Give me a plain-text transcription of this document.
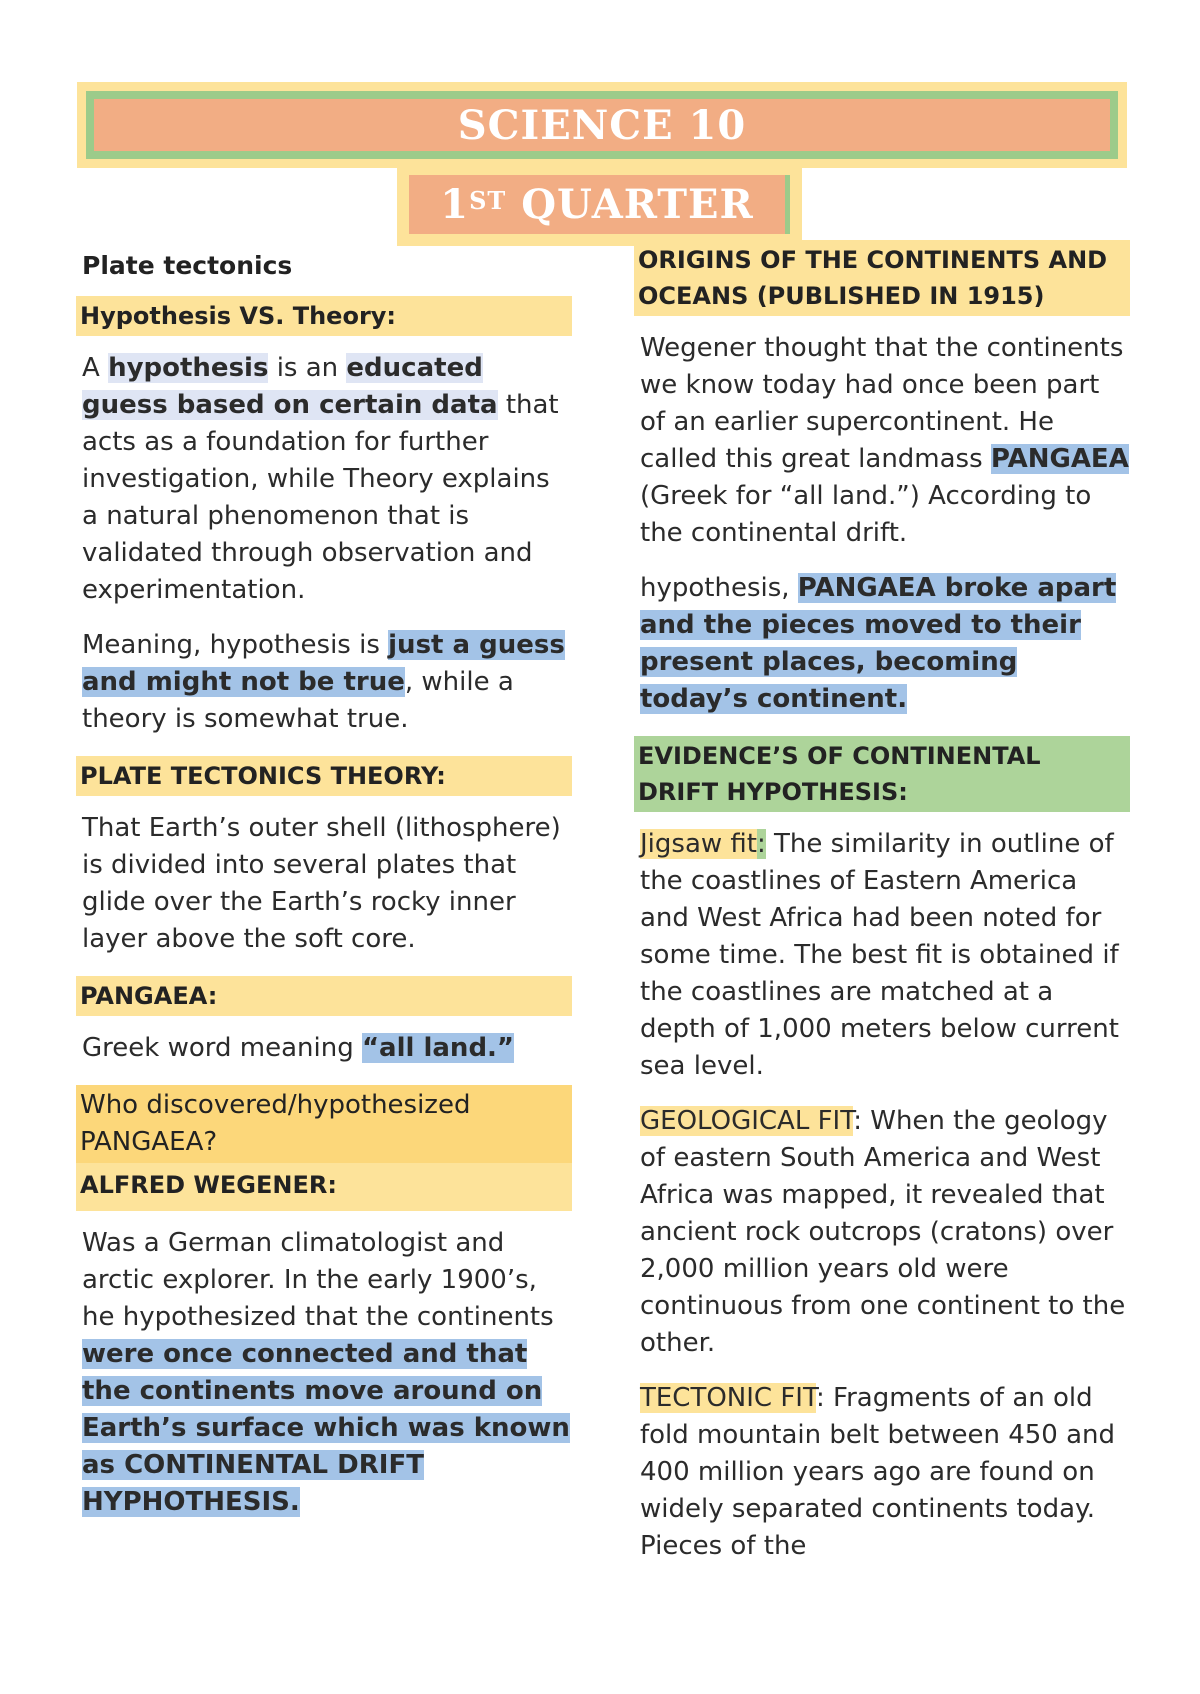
SCIENCE 10
1ST QUARTER
Plate tectonics
Hypothesis VS. Theory:

A hypothesis is an educated guess based on certain data that acts as a foundation for further investigation, while Theory explains a natural phenomenon that is validated through observation and experimentation.

Meaning, hypothesis is just a guess and might not be true, while a theory is somewhat true.

PLATE TECTONICS THEORY:

That Earth’s outer shell (lithosphere) is divided into several plates that glide over the Earth’s rocky inner layer above the soft core.

PANGAEA:

Greek word meaning “all land.”

Who discovered/hypothesized PANGAEA?
ALFRED WEGENER:

Was a German climatologist and arctic explorer. In the early 1900’s, he hypothesized that the continents were once connected and that the continents move around on Earth’s surface which was known as CONTINENTAL DRIFT HYPHOTHESIS.

ORIGINS OF THE CONTINENTS AND OCEANS (PUBLISHED IN 1915)

Wegener thought that the continents we know today had once been part of an earlier supercontinent. He called this great landmass PANGAEA (Greek for “all land.”) According to the continental drift.

hypothesis, PANGAEA broke apart and the pieces moved to their present places, becoming today’s continent.

EVIDENCE’S OF CONTINENTAL DRIFT HYPOTHESIS:

Jigsaw fit: The similarity in outline of the coastlines of Eastern America and West Africa had been noted for some time. The best fit is obtained if the coastlines are matched at a depth of 1,000 meters below current sea level.

GEOLOGICAL FIT: When the geology of eastern South America and West Africa was mapped, it revealed that ancient rock outcrops (cratons) over 2,000 million years old were continuous from one continent to the other.

TECTONIC FIT: Fragments of an old fold mountain belt between 450 and 400 million years ago are found on widely separated continents today. Pieces of the
